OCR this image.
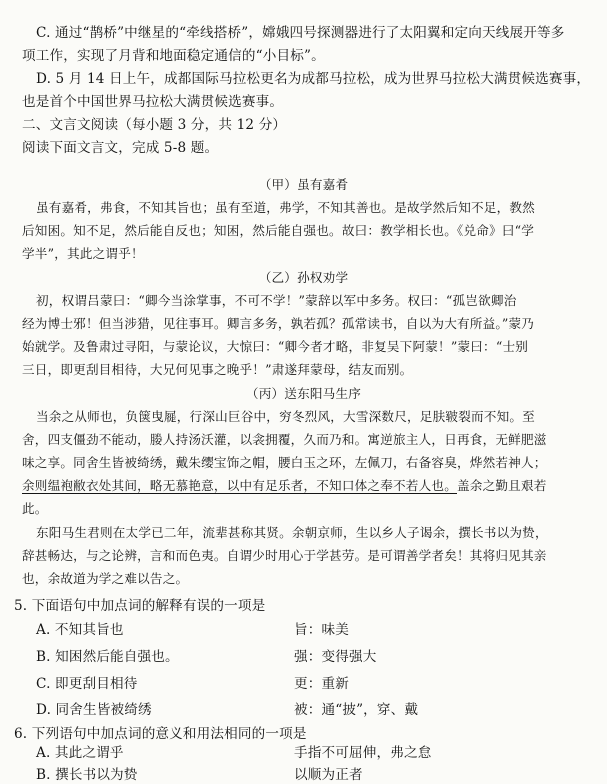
C. 通过“鹊桥”中继星的“牵线搭桥”，嫦娥四号探测器进行了太阳翼和定向天线展开等多
项工作，实现了月背和地面稳定通信的“小目标”。
D. 5 月 14 日上午，成都国际马拉松更名为成都马拉松，成为世界马拉松大满贯候选赛事，
也是首个中国世界马拉松大满贯候选赛事。
二、文言文阅读（每小题 3 分，共 12 分）
阅读下面文言文，完成 5-8 题。
（甲）虽有嘉肴
虽有嘉肴，弗食，不知其旨也；虽有至道，弗学，不知其善也。是故学然后知不足，教然
后知困。知不足，然后能自反也；知困，然后能自强也。故曰：教学相长也。《兑命》曰“学
学半”，其此之谓乎！
（乙）孙权劝学
初，权谓吕蒙曰：“卿今当涂掌事，不可不学！”蒙辞以军中多务。权曰：“孤岂欲卿治
经为博士邪！但当涉猎，见往事耳。卿言多务，孰若孤？孤常读书，自以为大有所益。”蒙乃
始就学。及鲁肃过寻阳，与蒙论议，大惊曰：“卿今者才略，非复吴下阿蒙！”蒙曰：“士别
三日，即更刮目相待，大兄何见事之晚乎！”肃遂拜蒙母，结友而别。
（丙）送东阳马生序
当余之从师也，负箧曳屣，行深山巨谷中，穷冬烈风，大雪深数尺，足肤皲裂而不知。至
舍，四支僵劲不能动，媵人持汤沃灌，以衾拥覆，久而乃和。寓逆旅主人，日再食，无鲜肥滋
味之享。同舍生皆被绮绣，戴朱缨宝饰之帽，腰白玉之环，左佩刀，右备容臭，烨然若神人；
余则缊袍敝衣处其间，略无慕艳意，以中有足乐者，不知口体之奉不若人也。盖余之勤且艰若
此。
东阳马生君则在太学已二年，流辈甚称其贤。余朝京师，生以乡人子谒余，撰长书以为贽，
辞甚畅达，与之论辨，言和而色夷。自谓少时用心于学甚劳。是可谓善学者矣！其将归见其亲
也，余故道为学之难以告之。
5. 下面语句中加点词的解释有误的一项是
A. 不知其旨也	旨：味美
B. 知困然后能自强也。	强：变得强大
C. 即更刮目相待	更：重新
D. 同舍生皆被绮绣	被：通“披”，穿、戴
6. 下列语句中加点词的意义和用法相同的一项是
A. 其此之谓乎	手指不可屈伸，弗之怠
B. 撰长书以为贽	以顺为正者
